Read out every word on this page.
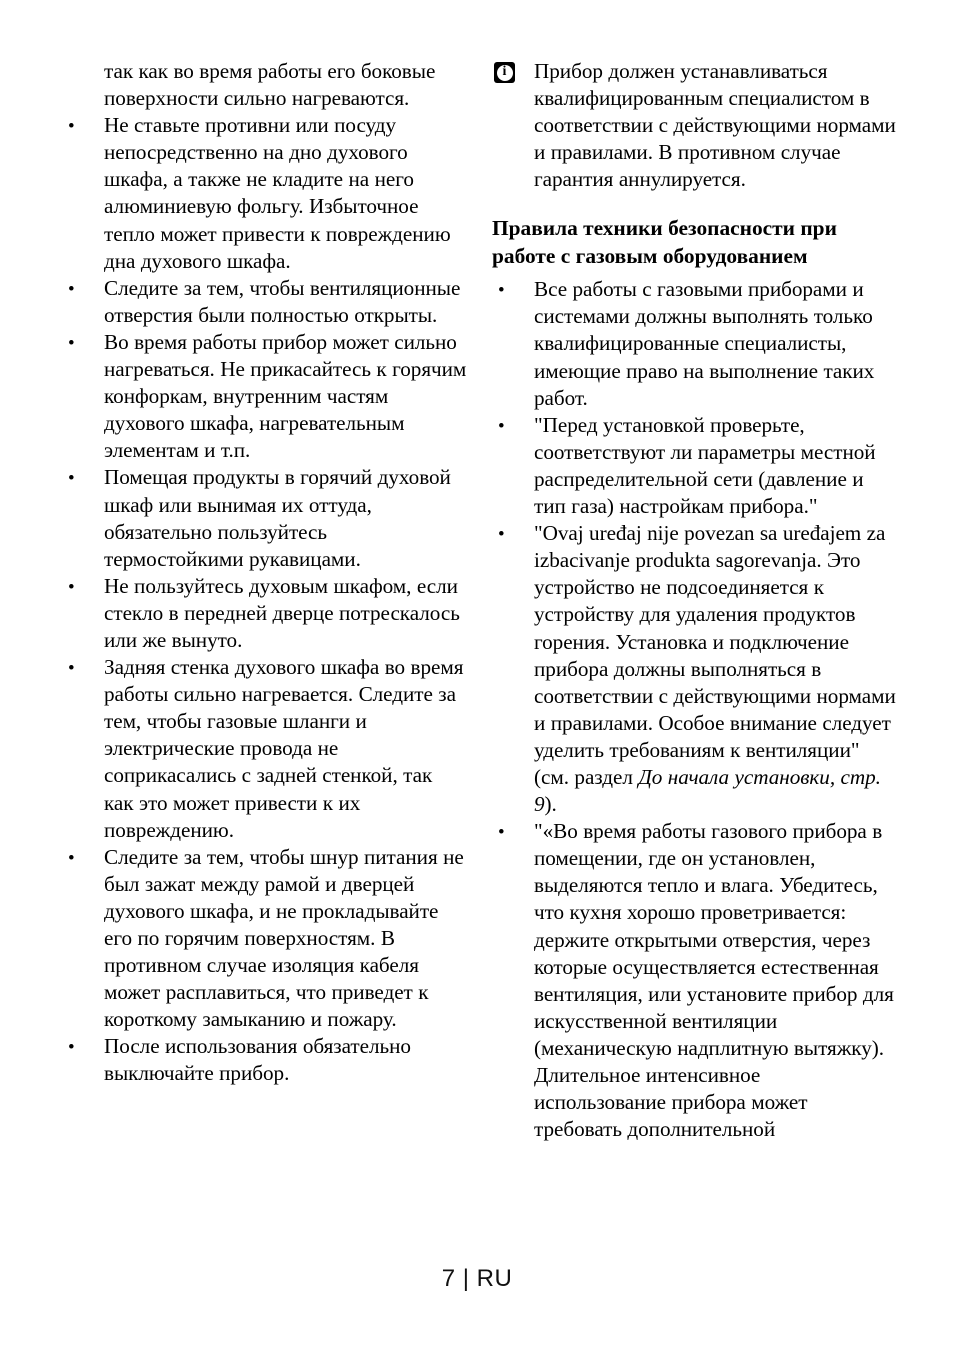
так как во время работы его боковые поверхности сильно нагреваются.
•	Не ставьте противни или посуду непосредственно на дно духового шкафа, а также не кладите на него алюминиевую фольгу. Избыточное тепло может привести к повреждению дна духового шкафа.
•	Следите за тем, чтобы вентиляционные отверстия были полностью открыты.
•	Во время работы прибор может сильно нагреваться. Не прикасайтесь к горячим конфоркам, внутренним частям духового шкафа, нагревательным элементам и т.п.
•	Помещая продукты в горячий духовой шкаф или вынимая их оттуда, обязательно пользуйтесь термостойкими рукавицами.
•	Не пользуйтесь духовым шкафом, если стекло в передней дверце потрескалось или же вынуто.
•	Задняя стенка духового шкафа во время работы сильно нагревается. Следите за тем, чтобы газовые шланги и электрические провода не соприкасались с задней стенкой, так как это может привести к их повреждению.
•	Следите за тем, чтобы шнур питания не был зажат между рамой и дверцей духового шкафа, и не прокладывайте его по горячим поверхностям. В противном случае изоляция кабеля может расплавиться, что приведет к короткому замыканию и пожару.
•	После использования обязательно выключайте прибор.
i	Прибор должен устанавливаться квалифицированным специалистом в соответствии с действующими нормами и правилами. В противном случае гарантия аннулируется.
Правила техники безопасности при работе с газовым оборудованием
•	Все работы с газовыми приборами и системами должны выполнять только квалифицированные специалисты, имеющие право на выполнение таких работ.
•	"Перед установкой проверьте, соответствуют ли параметры местной распределительной сети (давление и тип газа) настройкам прибора."
•	"Ovaj uređaj nije povezan sa uređajem za izbacivanje produkta sagorevanja. Это устройство не подсоединяется к устройству для удаления продуктов горения. Установка и подключение прибора должны выполняться в соответствии с действующими нормами и правилами. Особое внимание следует уделить требованиям к вентиляции" (см. раздел До начала установки, стр. 9).
•	"«Во время работы газового прибора в помещении, где он установлен, выделяются тепло и влага. Убедитесь, что кухня хорошо проветривается: держите открытыми отверстия, через которые осуществляется естественная вентиляция, или установите прибор для искусственной вентиляции (механическую надплитную вытяжку). Длительное интенсивное использование прибора может требовать дополнительной
7 | RU
